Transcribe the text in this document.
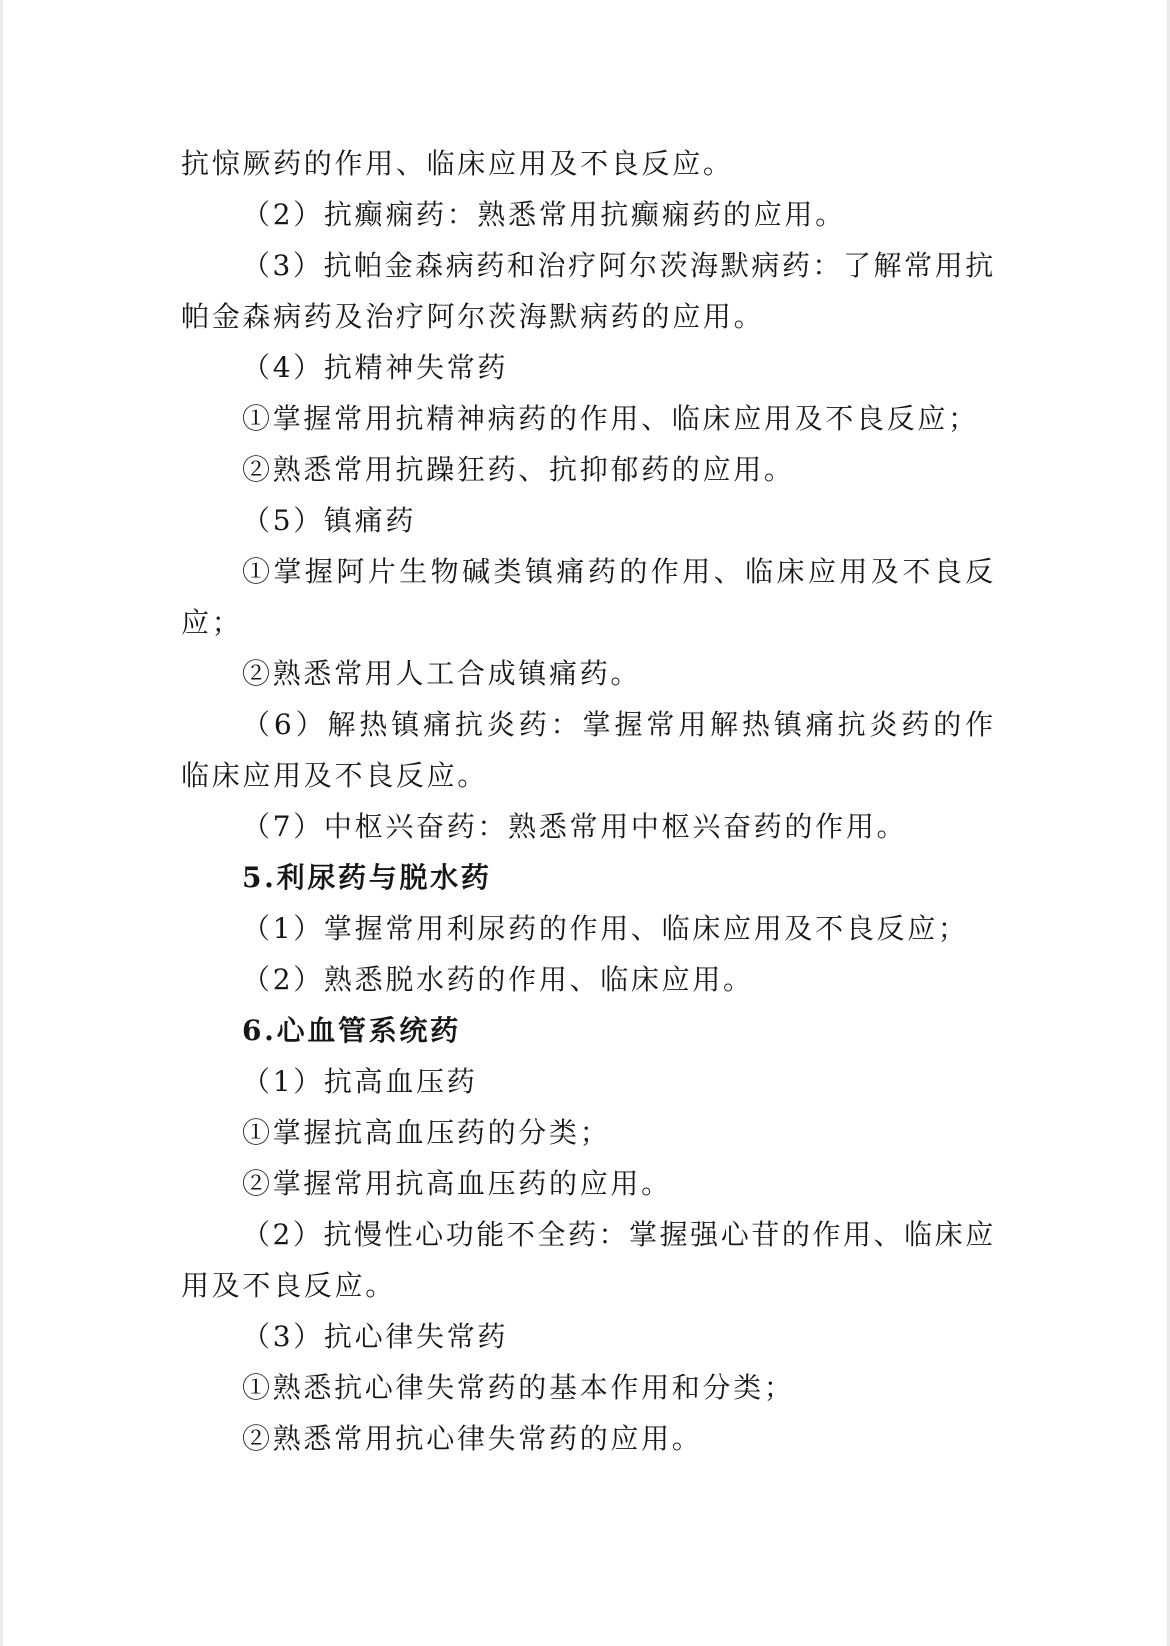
抗惊厥药的作用、临床应用及不良反应。
（2）抗癫痫药：熟悉常用抗癫痫药的应用。
（3）抗帕金森病药和治疗阿尔茨海默病药：了解常用抗
帕金森病药及治疗阿尔茨海默病药的应用。
（4）抗精神失常药
①掌握常用抗精神病药的作用、临床应用及不良反应；
②熟悉常用抗躁狂药、抗抑郁药的应用。
（5）镇痛药
①掌握阿片生物碱类镇痛药的作用、临床应用及不良反
应；
②熟悉常用人工合成镇痛药。
（6）解热镇痛抗炎药：掌握常用解热镇痛抗炎药的作
临床应用及不良反应。
（7）中枢兴奋药：熟悉常用中枢兴奋药的作用。
5.利尿药与脱水药
（1）掌握常用利尿药的作用、临床应用及不良反应；
（2）熟悉脱水药的作用、临床应用。
6.心血管系统药
（1）抗高血压药
①掌握抗高血压药的分类；
②掌握常用抗高血压药的应用。
（2）抗慢性心功能不全药：掌握强心苷的作用、临床应
用及不良反应。
（3）抗心律失常药
①熟悉抗心律失常药的基本作用和分类；
②熟悉常用抗心律失常药的应用。
